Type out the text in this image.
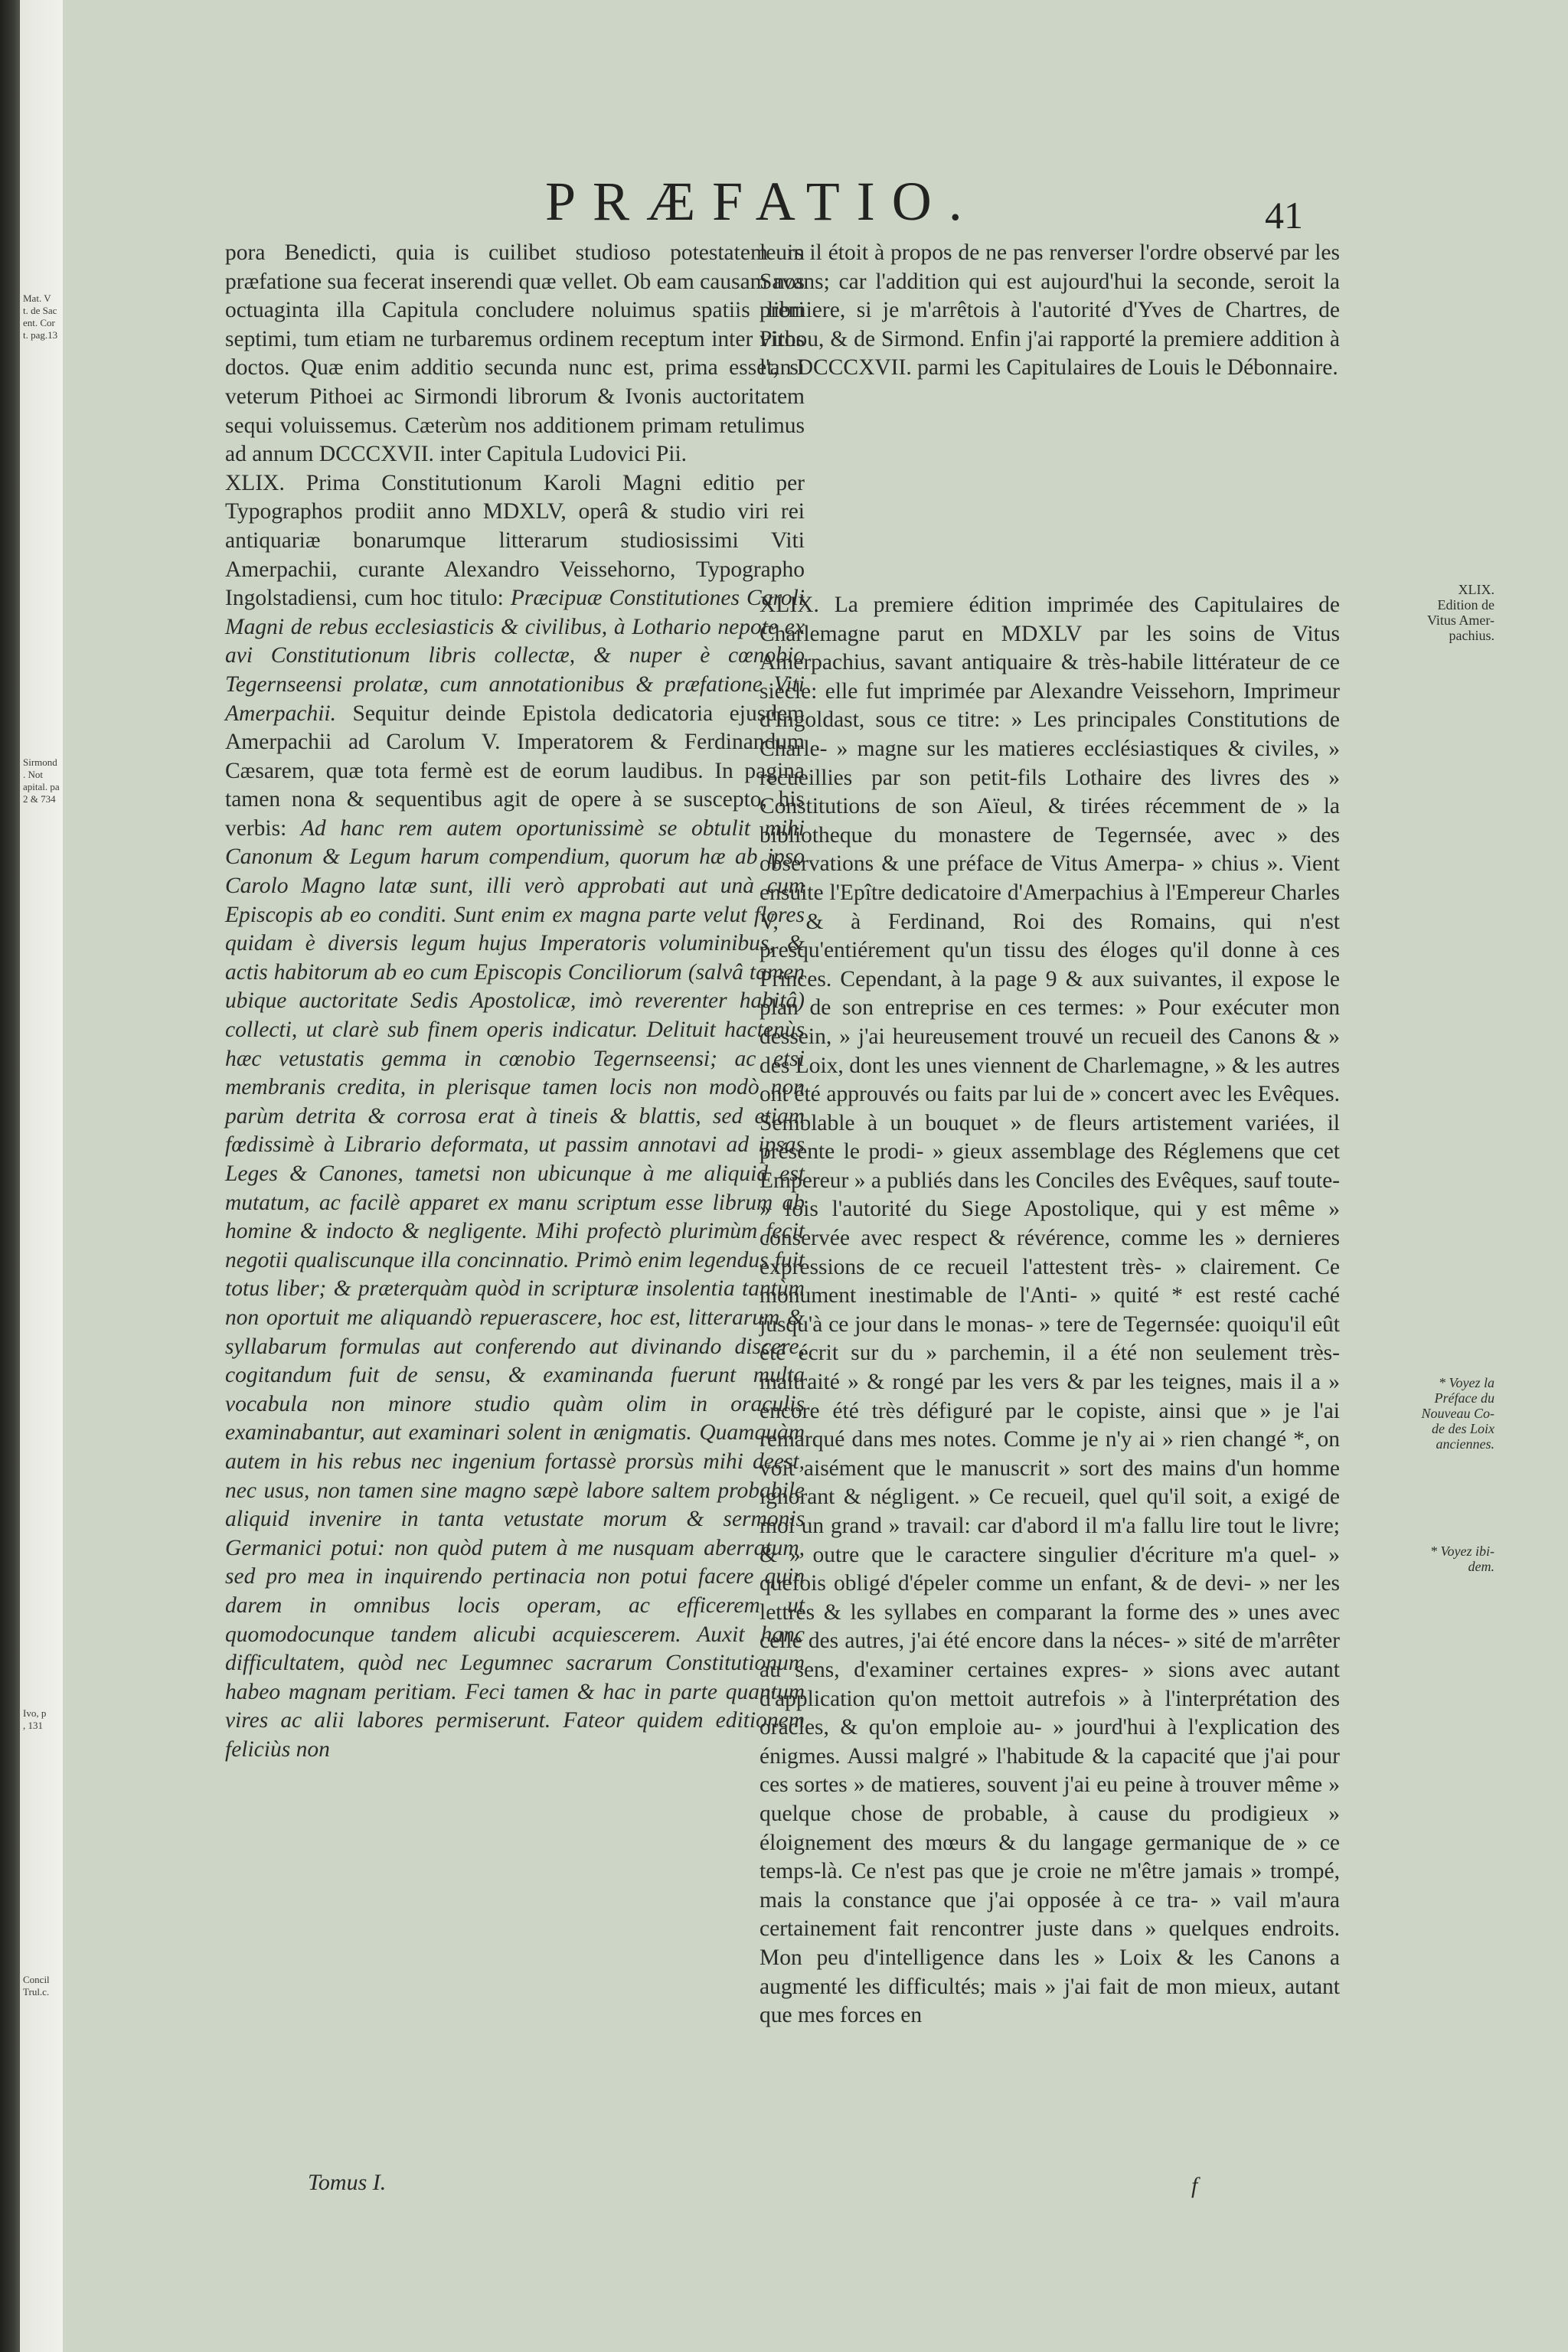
Mat. V
t. de Sac
ent. Cor
t. pag.13
Sirmond
. Not
apital. pa
2 & 734
Ivo, p
, 131
Concil
Trul.c.
PRÆFATIO.	41

pora Benedicti, quia is cuilibet studioso potestatem in præfatione sua fecerat inserendi quæ vellet. Ob eam causam nos octuaginta illa Capitula concludere noluimus spatiis libri septimi, tum etiam ne turbaremus ordinem receptum inter viros doctos. Quæ enim additio secunda nunc est, prima esset, si veterum Pithoei ac Sirmondi librorum & Ivonis auctoritatem sequi voluissemus. Cæterùm nos additionem primam retulimus ad annum DCCCXVII. inter Capitula Ludovici Pii.

XLIX. Prima Constitutionum Karoli Magni editio per Typographos prodiit anno MDXLV, operâ & studio viri rei antiquariæ bonarumque litterarum studiosissimi Viti Amerpachii, curante Alexandro Veissehorno, Typographo Ingolstadiensi, cum hoc titulo: Præcipuæ Constitutiones Caroli Magni de rebus ecclesiasticis & civilibus, à Lothario nepote ex avi Constitutionum libris collectæ, & nuper è cœnobio Tegernseensi prolatæ, cum annotationibus & præfatione Viti Amerpachii. Sequitur deinde Epistola dedicatoria ejusdem Amerpachii ad Carolum V. Imperatorem & Ferdinandum Cæsarem, quæ tota fermè est de eorum laudibus. In pagina tamen nona & sequentibus agit de opere à se suscepto, his verbis: Ad hanc rem autem oportunissimè se obtulit mihi Canonum & Legum harum compendium, quorum hæ ab ipso Carolo Magno latæ sunt, illi verò approbati aut unà cum Episcopis ab eo conditi. Sunt enim ex magna parte velut flores quidam è diversis legum hujus Imperatoris voluminibus, & actis habitorum ab eo cum Episcopis Conciliorum (salvâ tamen ubique auctoritate Sedis Apostolicæ, imò reverenter habitâ) collecti, ut clarè sub finem operis indicatur. Delituit hactenùs hæc vetustatis gemma in cœnobio Tegernseensi; ac etsi membranis credita, in plerisque tamen locis non modò non parùm detrita & corrosa erat à tineis & blattis, sed etiam fœdissimè à Librario deformata, ut passim annotavi ad ipsas Leges & Canones, tametsi non ubicunque à me aliquid est mutatum, ac facilè apparet ex manu scriptum esse librum ab homine & indocto & negligente. Mihi profectò plurimùm fecit negotii qualiscunque illa concinnatio. Primò enim legendus fuit totus liber; & præterquàm quòd in scripturæ insolentia tantùm non oportuit me aliquandò repuerascere, hoc est, litterarum & syllabarum formulas aut conferendo aut divinando discere, cogitandum fuit de sensu, & examinanda fuerunt multa vocabula non minore studio quàm olim in oraculis examinabantur, aut examinari solent in ænigmatis. Quamquàm autem in his rebus nec ingenium fortassè prorsùs mihi deest, nec usus, non tamen sine magno sæpè labore saltem probabile aliquid invenire in tanta vetustate morum & sermonis Germanici potui: non quòd putem à me nusquam aberratum, sed pro mea in inquirendo pertinacia non potui facere quin darem in omnibus locis operam, ac efficerem ut quomodocunque tandem alicubi acquiescerem. Auxit hanc difficultatem, quòd nec Legumnec sacrarum Constitutionum habeo magnam peritiam. Feci tamen & hac in parte quantum vires ac alii labores permiserunt. Fateor quidem editionem feliciùs non

Tomus I.

leurs il étoit à propos de ne pas renverser l'ordre observé par les Savans; car l'addition qui est aujourd'hui la seconde, seroit la premiere, si je m'arrêtois à l'autorité d'Yves de Chartres, de Pithou, & de Sirmond. Enfin j'ai rapporté la premiere addition à l'an DCCCXVII. parmi les Capitulaires de Louis le Débonnaire.

XLIX. La premiere édition imprimée des Capitulaires de Charlemagne parut en MDXLV par les soins de Vitus Amerpachius, savant antiquaire & très-habile littérateur de ce siecle: elle fut imprimée par Alexandre Veissehorn, Imprimeur d'Ingoldast, sous ce titre: » Les principales Constitutions de Charle- » magne sur les matieres ecclésiastiques & civiles, » recueillies par son petit-fils Lothaire des livres des » Constitutions de son Aïeul, & tirées récemment de » la bibliotheque du monastere de Tegernsée, avec » des observations & une préface de Vitus Amerpa- » chius ». Vient ensuite l'Epître dedicatoire d'Amerpachius à l'Empereur Charles V, & à Ferdinand, Roi des Romains, qui n'est presqu'entiérement qu'un tissu des éloges qu'il donne à ces Princes. Cependant, à la page 9 & aux suivantes, il expose le plan de son entreprise en ces termes: » Pour exécuter mon dessein, » j'ai heureusement trouvé un recueil des Canons & » des Loix, dont les unes viennent de Charlemagne, » & les autres ont été approuvés ou faits par lui de » concert avec les Evêques. Semblable à un bouquet » de fleurs artistement variées, il présente le prodi- » gieux assemblage des Réglemens que cet Empereur » a publiés dans les Conciles des Evêques, sauf toute- » fois l'autorité du Siege Apostolique, qui y est même » conservée avec respect & révérence, comme les » dernieres expressions de ce recueil l'attestent très- » clairement. Ce monument inestimable de l'Anti- » quité * est resté caché jusqu'à ce jour dans le monas- » tere de Tegernsée: quoiqu'il eût été écrit sur du » parchemin, il a été non seulement très-maltraité » & rongé par les vers & par les teignes, mais il a » encore été très défiguré par le copiste, ainsi que » je l'ai remarqué dans mes notes. Comme je n'y ai » rien changé *, on voit aisément que le manuscrit » sort des mains d'un homme ignorant & négligent. » Ce recueil, quel qu'il soit, a exigé de moi un grand » travail: car d'abord il m'a fallu lire tout le livre; & » outre que le caractere singulier d'écriture m'a quel- » quefois obligé d'épeler comme un enfant, & de devi- » ner les lettres & les syllabes en comparant la forme des » unes avec celle des autres, j'ai été encore dans la néces- » sité de m'arrêter au sens, d'examiner certaines expres- » sions avec autant d'application qu'on mettoit autrefois » à l'interprétation des oracles, & qu'on emploie au- » jourd'hui à l'explication des énigmes. Aussi malgré » l'habitude & la capacité que j'ai pour ces sortes » de matieres, souvent j'ai eu peine à trouver même » quelque chose de probable, à cause du prodigieux » éloignement des mœurs & du langage germanique de » ce temps-là. Ce n'est pas que je croie ne m'être jamais » trompé, mais la constance que j'ai opposée à ce tra- » vail m'aura certainement fait rencontrer juste dans » quelques endroits. Mon peu d'intelligence dans les » Loix & les Canons a augmenté les difficultés; mais » j'ai fait de mon mieux, autant que mes forces en

f
XLIX.
Edition de
Vitus Amer-
pachius.
* Voyez la
Préface du
Nouveau Co-
de des Loix
anciennes.
* Voyez ibi-
dem.
